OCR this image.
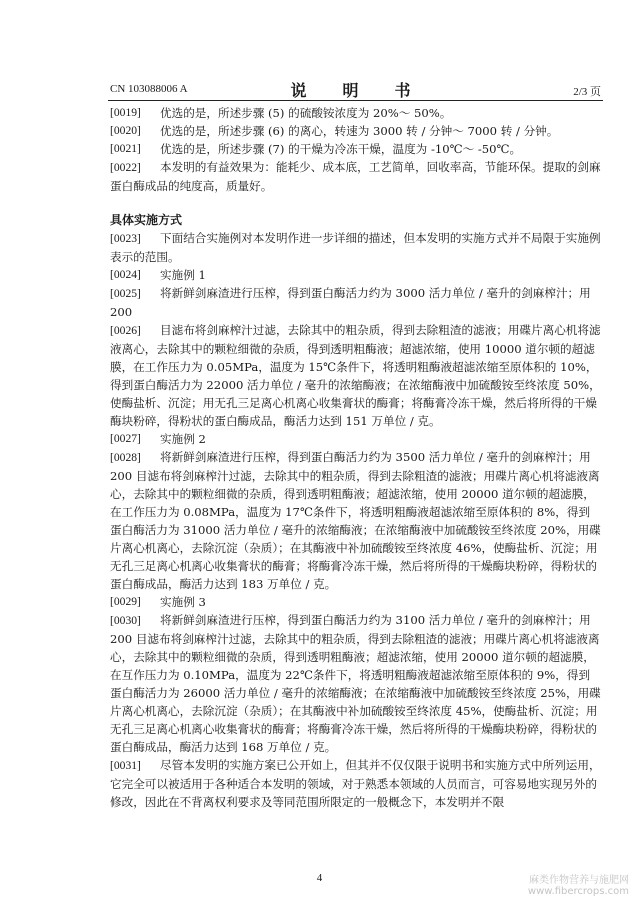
CN 103088006 A	说　明　书	2/3 页
[0019]	优选的是，所述步骤 (5) 的硫酸铵浓度为 20%～ 50%。
[0020]	优选的是，所述步骤 (6) 的离心，转速为 3000 转 / 分钟～ 7000 转 / 分钟。
[0021]	优选的是，所述步骤 (7) 的干燥为冷冻干燥，温度为 -10℃～ -50℃。
[0022] 本发明的有益效果为：能耗少、成本底，工艺简单，回收率高，节能环保。提取的剑麻蛋白酶成品的纯度高，质量好。
具体实施方式
[0023] 下面结合实施例对本发明作进一步详细的描述，但本发明的实施方式并不局限于实施例表示的范围。
[0024]	实施例 1
[0025] 将新鲜剑麻渣进行压榨，得到蛋白酶活力约为 3000 活力单位 / 毫升的剑麻榨汁；用 200
[0026] 目滤布将剑麻榨汁过滤，去除其中的粗杂质，得到去除粗渣的滤液；用碟片离心机将滤液离心，去除其中的颗粒细微的杂质，得到透明粗酶液；超滤浓缩，使用 10000 道尔顿的超滤膜，在工作压力为 0.05MPa，温度为 15℃条件下，将透明粗酶液超滤浓缩至原体积的 10%，得到蛋白酶活力为 22000 活力单位 / 毫升的浓缩酶液；在浓缩酶液中加硫酸铵至终浓度 50%，使酶盐析、沉淀；用无孔三足离心机离心收集膏状的酶膏；将酶膏冷冻干燥，然后将所得的干燥酶块粉碎，得粉状的蛋白酶成品，酶活力达到 151 万单位 / 克。
[0027]	实施例 2
[0028] 将新鲜剑麻渣进行压榨，得到蛋白酶活力约为 3500 活力单位 / 毫升的剑麻榨汁；用 200 目滤布将剑麻榨汁过滤，去除其中的粗杂质，得到去除粗渣的滤液；用碟片离心机将滤液离心，去除其中的颗粒细微的杂质，得到透明粗酶液；超滤浓缩，使用 20000 道尔顿的超滤膜，在工作压力为 0.08MPa，温度为 17℃条件下，将透明粗酶液超滤浓缩至原体积的 8%，得到蛋白酶活力为 31000 活力单位 / 毫升的浓缩酶液；在浓缩酶液中加硫酸铵至终浓度 20%，用碟片离心机离心，去除沉淀（杂质）；在其酶液中补加硫酸铵至终浓度 46%，使酶盐析、沉淀；用无孔三足离心机离心收集膏状的酶膏；将酶膏冷冻干燥，然后将所得的干燥酶块粉碎，得粉状的蛋白酶成品，酶活力达到 183 万单位 / 克。
[0029]	实施例 3
[0030] 将新鲜剑麻渣进行压榨，得到蛋白酶活力约为 3100 活力单位 / 毫升的剑麻榨汁；用 200 目滤布将剑麻榨汁过滤，去除其中的粗杂质，得到去除粗渣的滤液；用碟片离心机将滤液离心，去除其中的颗粒细微的杂质，得到透明粗酶液；超滤浓缩，使用 20000 道尔顿的超滤膜，在互作压力为 0.10MPa，温度为 22℃条件下，将透明粗酶液超滤浓缩至原体积的 9%，得到蛋白酶活力为 26000 活力单位 / 毫升的浓缩酶液；在浓缩酶液中加硫酸铵至终浓度 25%，用碟片离心机离心，去除沉淀（杂质）；在其酶液中补加硫酸铵至终浓度 45%，使酶盐析、沉淀；用无孔三足离心机离心收集膏状的酶膏；将酶膏冷冻干燥，然后将所得的干燥酶块粉碎，得粉状的蛋白酶成品，酶活力达到 168 万单位 / 克。
[0031] 尽管本发明的实施方案已公开如上，但其并不仅仅限于说明书和实施方式中所列运用，它完全可以被适用于各种适合本发明的领域，对于熟悉本领域的人员而言，可容易地实现另外的修改，因此在不背离权利要求及等同范围所限定的一般概念下，本发明并不限
4	麻类作物营养与施肥网 www.fibercrops.com
